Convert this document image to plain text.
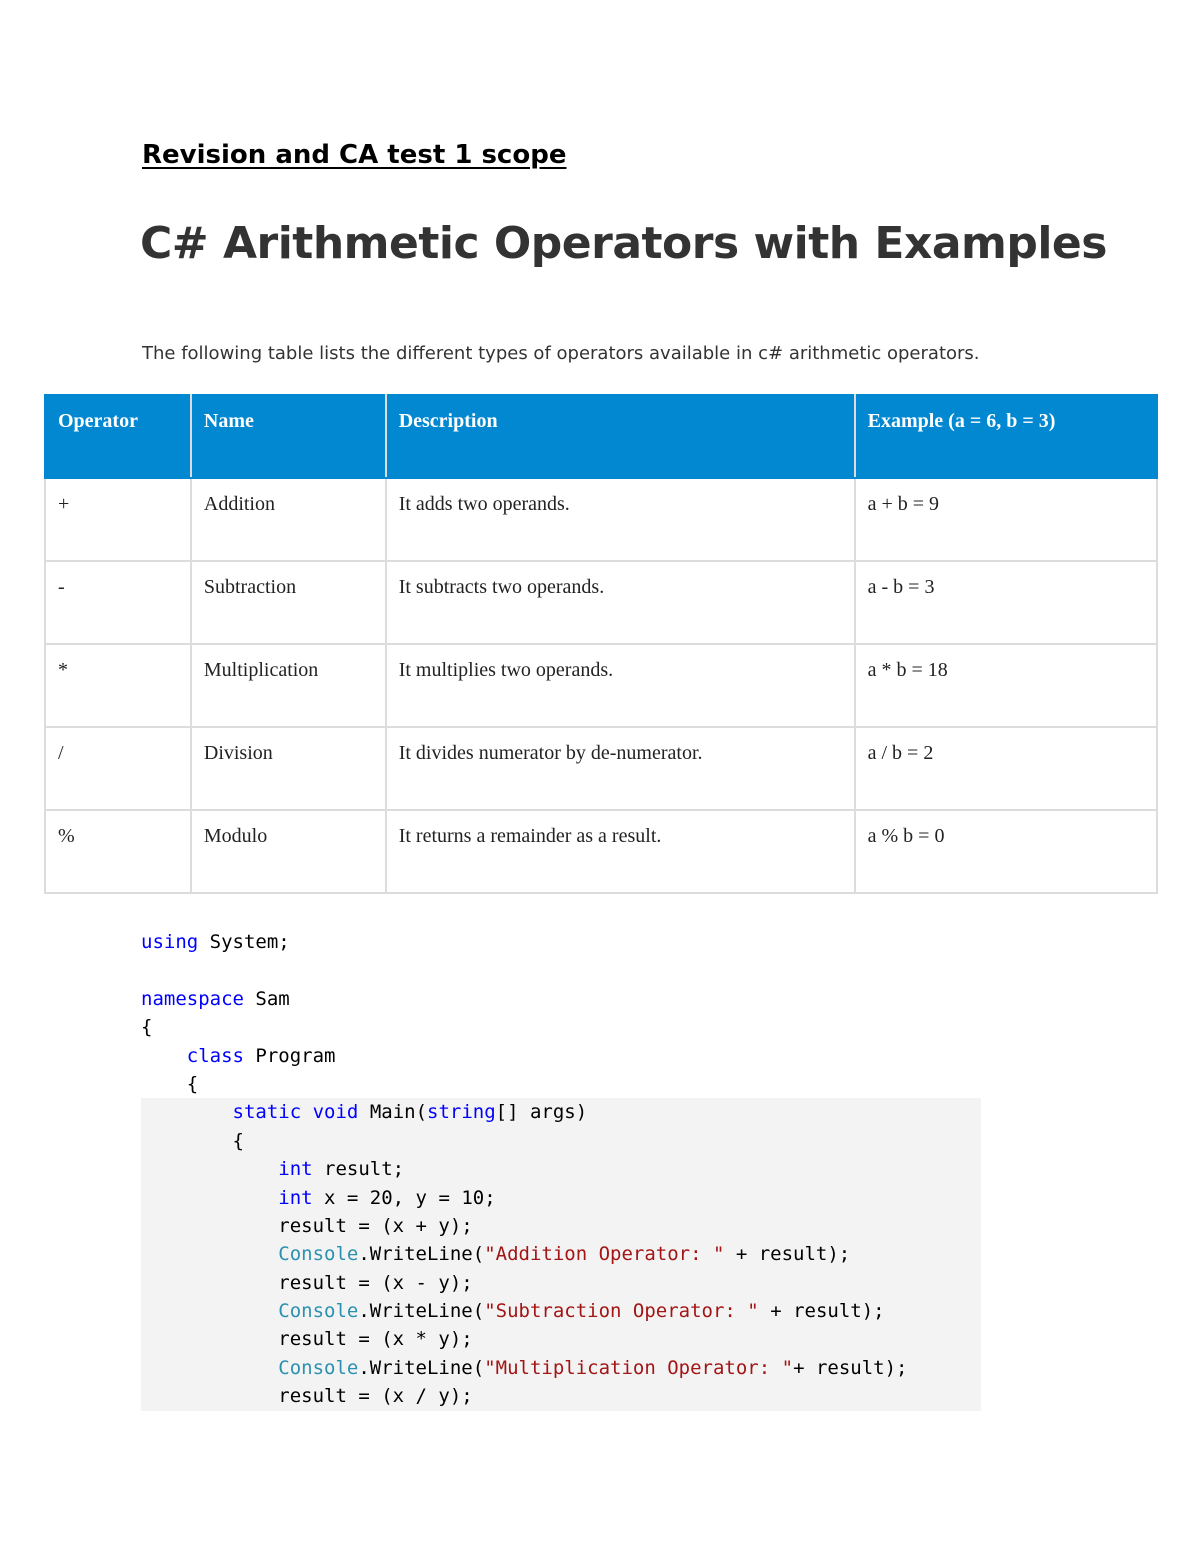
Revision and CA test 1 scope
C# Arithmetic Operators with Examples
The following table lists the different types of operators available in c# arithmetic operators.
Operator	Name	Description	Example (a = 6, b = 3)
+	Addition	It adds two operands.	a + b = 9
-	Subtraction	It subtracts two operands.	a - b = 3
*	Multiplication	It multiplies two operands.	a * b = 18
/	Division	It divides numerator by de-numerator.	a / b = 2
%	Modulo	It returns a remainder as a result.	a % b = 0
using System;
namespace Sam
{
class Program
{
static void Main(string[] args)
{
int result;
int x = 20, y = 10;
result = (x + y);
Console.WriteLine("Addition Operator: " + result);
result = (x - y);
Console.WriteLine("Subtraction Operator: " + result);
result = (x * y);
Console.WriteLine("Multiplication Operator: "+ result);
result = (x / y);
